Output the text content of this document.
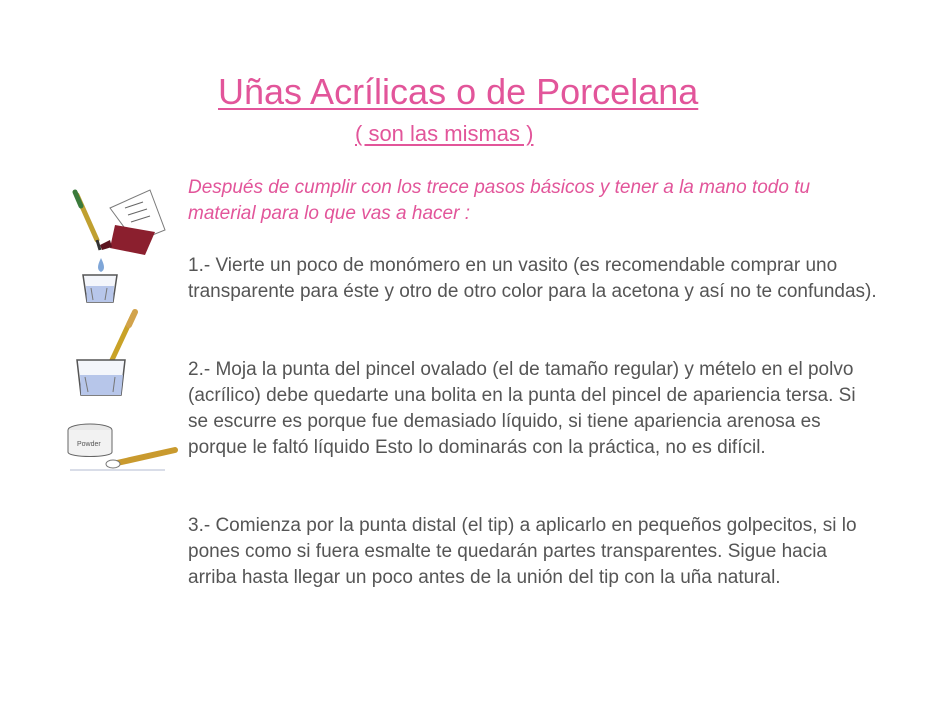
Uñas Acrílicas o de Porcelana
( son las mismas )
Powder

Después de cumplir con los trece pasos básicos y tener a la mano todo tu material para lo que vas a hacer :

1.- Vierte un poco de monómero en un vasito (es recomendable comprar uno transparente para éste y otro de otro color para la acetona y así no te confundas).

2.- Moja la punta del pincel ovalado (el de tamaño regular) y mételo en el polvo (acrílico) debe quedarte una bolita en la punta del pincel de apariencia tersa. Si se escurre es porque fue demasiado líquido, si tiene apariencia arenosa es porque le faltó líquido Esto lo dominarás con la práctica, no es difícil.

3.- Comienza por la punta distal (el tip) a aplicarlo en pequeños golpecitos, si lo pones como si fuera esmalte te quedarán partes transparentes. Sigue hacia arriba hasta llegar un poco antes de la unión del tip con la uña natural.
